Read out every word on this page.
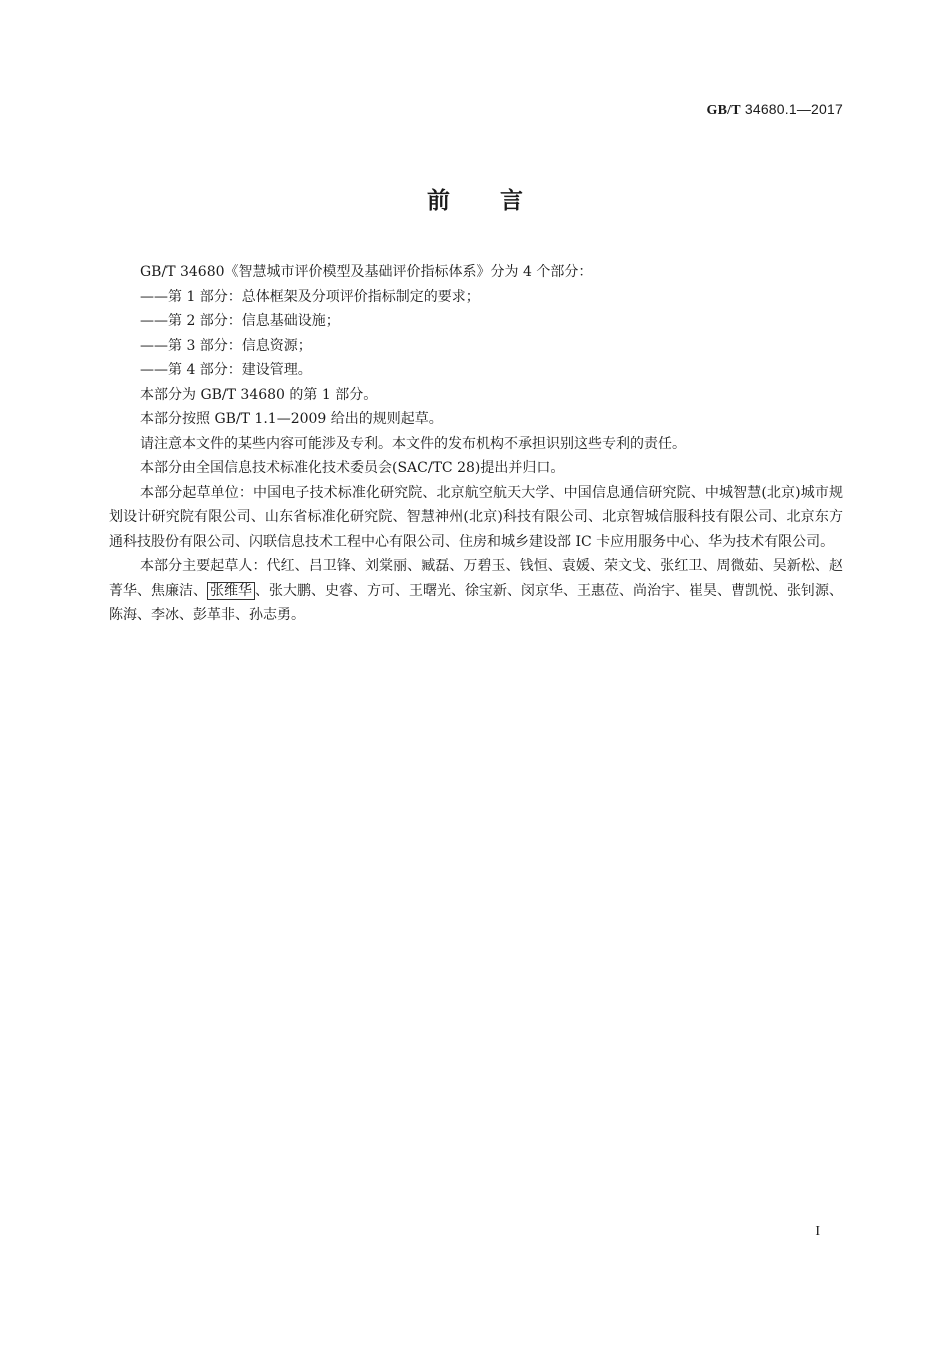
GB/T 34680.1—2017
前言

GB/T 34680《智慧城市评价模型及基础评价指标体系》分为 4 个部分：

——第 1 部分：总体框架及分项评价指标制定的要求；

——第 2 部分：信息基础设施；

——第 3 部分：信息资源；

——第 4 部分：建设管理。

本部分为 GB/T 34680 的第 1 部分。

本部分按照 GB/T 1.1—2009 给出的规则起草。

请注意本文件的某些内容可能涉及专利。本文件的发布机构不承担识别这些专利的责任。

本部分由全国信息技术标准化技术委员会(SAC/TC 28)提出并归口。

本部分起草单位：中国电子技术标准化研究院、北京航空航天大学、中国信息通信研究院、中城智慧(北京)城市规划设计研究院有限公司、山东省标准化研究院、智慧神州(北京)科技有限公司、北京智城信服科技有限公司、北京东方通科技股份有限公司、闪联信息技术工程中心有限公司、住房和城乡建设部 IC 卡应用服务中心、华为技术有限公司。

本部分主要起草人：代红、吕卫锋、刘棠丽、臧磊、万碧玉、钱恒、袁媛、荣文戈、张红卫、周微茹、吴新松、赵菁华、焦廉洁、 张维华 、张大鹏、史睿、方可、王曙光、徐宝新、闵京华、王惠莅、尚治宇、崔昊、曹凯悦、张钊源、陈海、李冰、彭革非、孙志勇。

I
